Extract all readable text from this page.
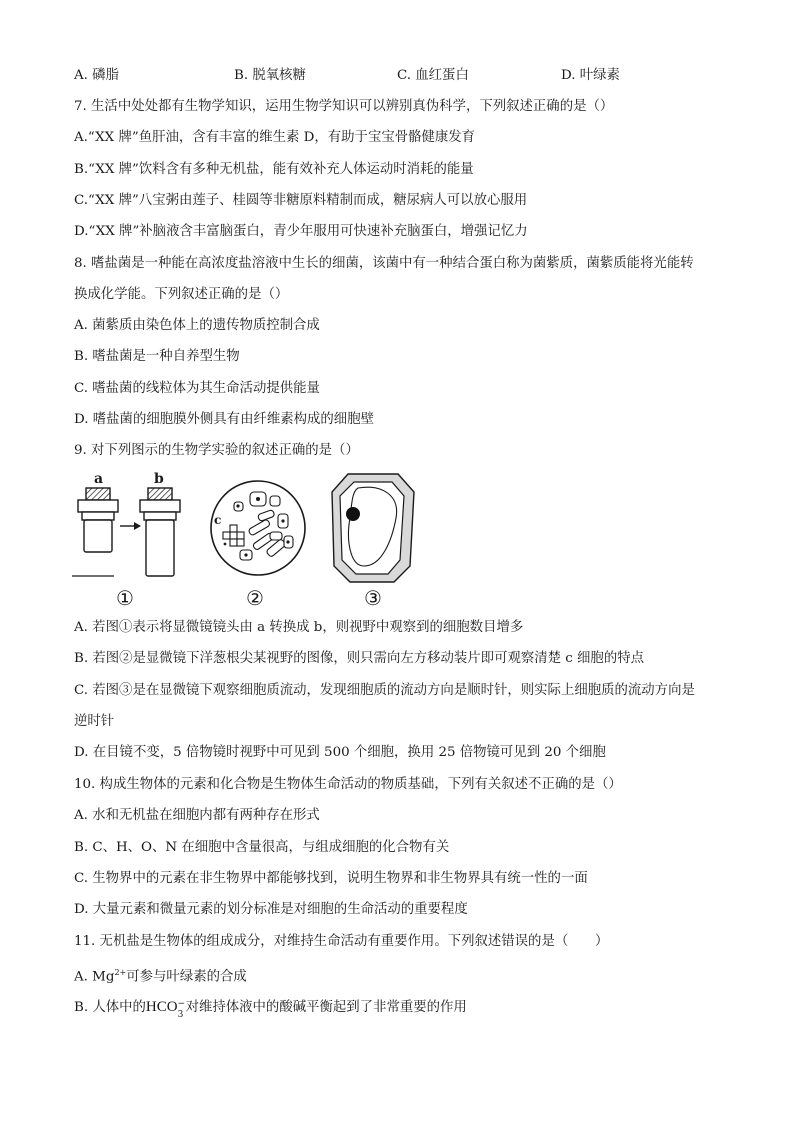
A. 磷脂	B. 脱氧核糖	C. 血红蛋白	D. 叶绿素
7. 生活中处处都有生物学知识，运用生物学知识可以辨别真伪科学，下列叙述正确的是（）
A.“XX 牌”鱼肝油，含有丰富的维生素 D，有助于宝宝骨骼健康发育
B.“XX 牌”饮料含有多种无机盐，能有效补充人体运动时消耗的能量
C.“XX 牌”八宝粥由莲子、桂圆等非糖原料精制而成，糖尿病人可以放心服用
D.“XX 牌”补脑液含丰富脑蛋白，青少年服用可快速补充脑蛋白，增强记忆力
8. 嗜盐菌是一种能在高浓度盐溶液中生长的细菌，该菌中有一种结合蛋白称为菌紫质，菌紫质能将光能转
换成化学能。下列叙述正确的是（）
A. 菌紫质由染色体上的遗传物质控制合成
B. 嗜盐菌是一种自养型生物
C. 嗜盐菌的线粒体为其生命活动提供能量
D. 嗜盐菌的细胞膜外侧具有由纤维素构成的细胞壁
9. 对下列图示的生物学实验的叙述正确的是（）
a	b
①
c
②	③
A. 若图①表示将显微镜镜头由 a 转换成 b，则视野中观察到的细胞数目增多
B. 若图②是显微镜下洋葱根尖某视野的图像，则只需向左方移动装片即可观察清楚 c 细胞的特点
C. 若图③是在显微镜下观察细胞质流动，发现细胞质的流动方向是顺时针，则实际上细胞质的流动方向是
逆时针
D. 在目镜不变，5 倍物镜时视野中可见到 500 个细胞，换用 25 倍物镜可见到 20 个细胞
10. 构成生物体的元素和化合物是生物体生命活动的物质基础，下列有关叙述不正确的是（）
A. 水和无机盐在细胞内都有两种存在形式
B. C、H、O、N 在细胞中含量很高，与组成细胞的化合物有关
C. 生物界中的元素在非生物界中都能够找到，说明生物界和非生物界具有统一性的一面
D. 大量元素和微量元素的划分标准是对细胞的生命活动的重要程度
11. 无机盐是生物体的组成成分，对维持生命活动有重要作用。下列叙述错误的是（　　）
A. $Mg^{2+}$可参与叶绿素的合成
B. 人体中的HCO −
3 对维持体液中的酸碱平衡起到了非常重要的作用
